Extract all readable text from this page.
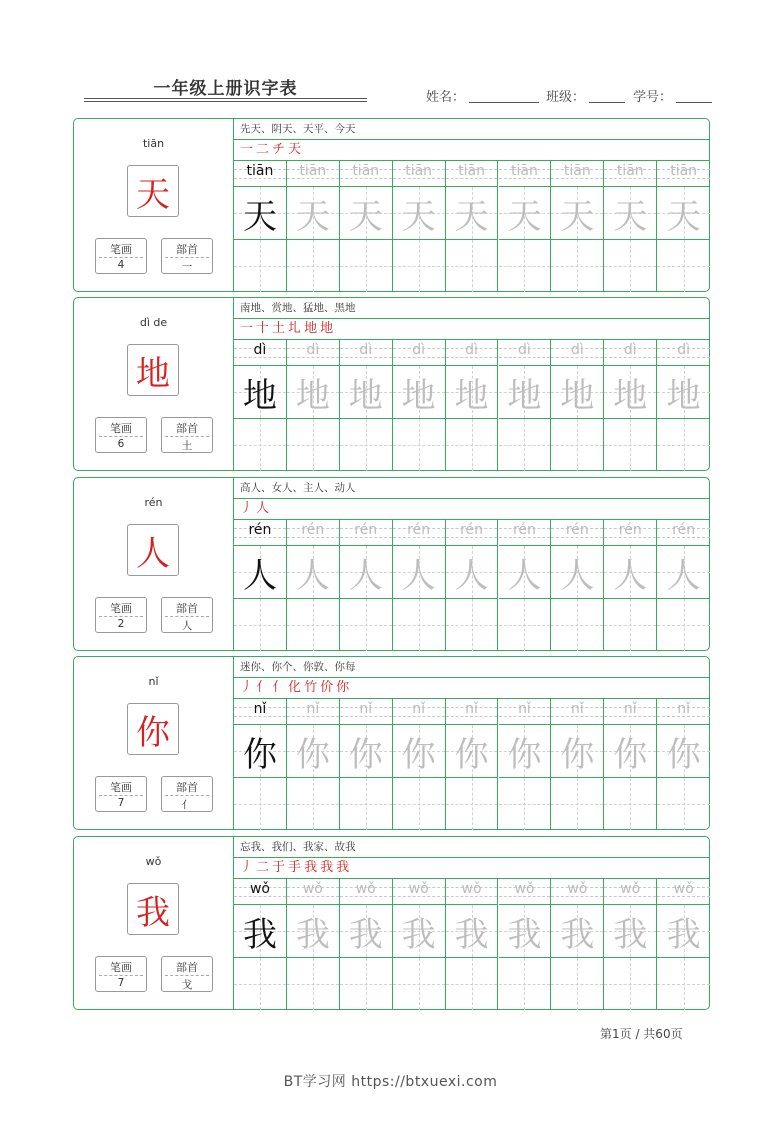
一年级上册识字表	姓名：	班级：	学号：
tiān
天
笔画
4
部首
一
先天、阴天、天平、今天
一 二 チ 天
tiān	tiān	tiān	tiān	tiān	tiān	tiān	tiān	tiān
天 天 天 天 天 天 天 天 天
dì de
地
笔画
6
部首
土
南地、赏地、猛地、黑地
一 十 土 圠 地 地
dì	dì	dì	dì	dì	dì	dì	dì	dì
地 地 地 地 地 地 地 地 地
rén
人
笔画
2
部首
人
高人、女人、主人、动人
丿 人
rén	rén	rén	rén	rén	rén	rén	rén	rén
人 人 人 人 人 人 人 人 人
nǐ
你
笔画
7
部首
亻
迷你、你个、你敦、你每
丿 亻 亻 化 竹 价 你
nǐ	nǐ	nǐ	nǐ	nǐ	nǐ	nǐ	nǐ	nǐ
你 你 你 你 你 你 你 你 你
wǒ
我
笔画
7
部首
戈
忘我、我们、我家、故我
丿 二 于 手 我 我 我
wǒ	wǒ	wǒ	wǒ	wǒ	wǒ	wǒ	wǒ	wǒ
我 我 我 我 我 我 我 我 我
第1页 / 共60页
BT学习网 https://btxuexi.com
